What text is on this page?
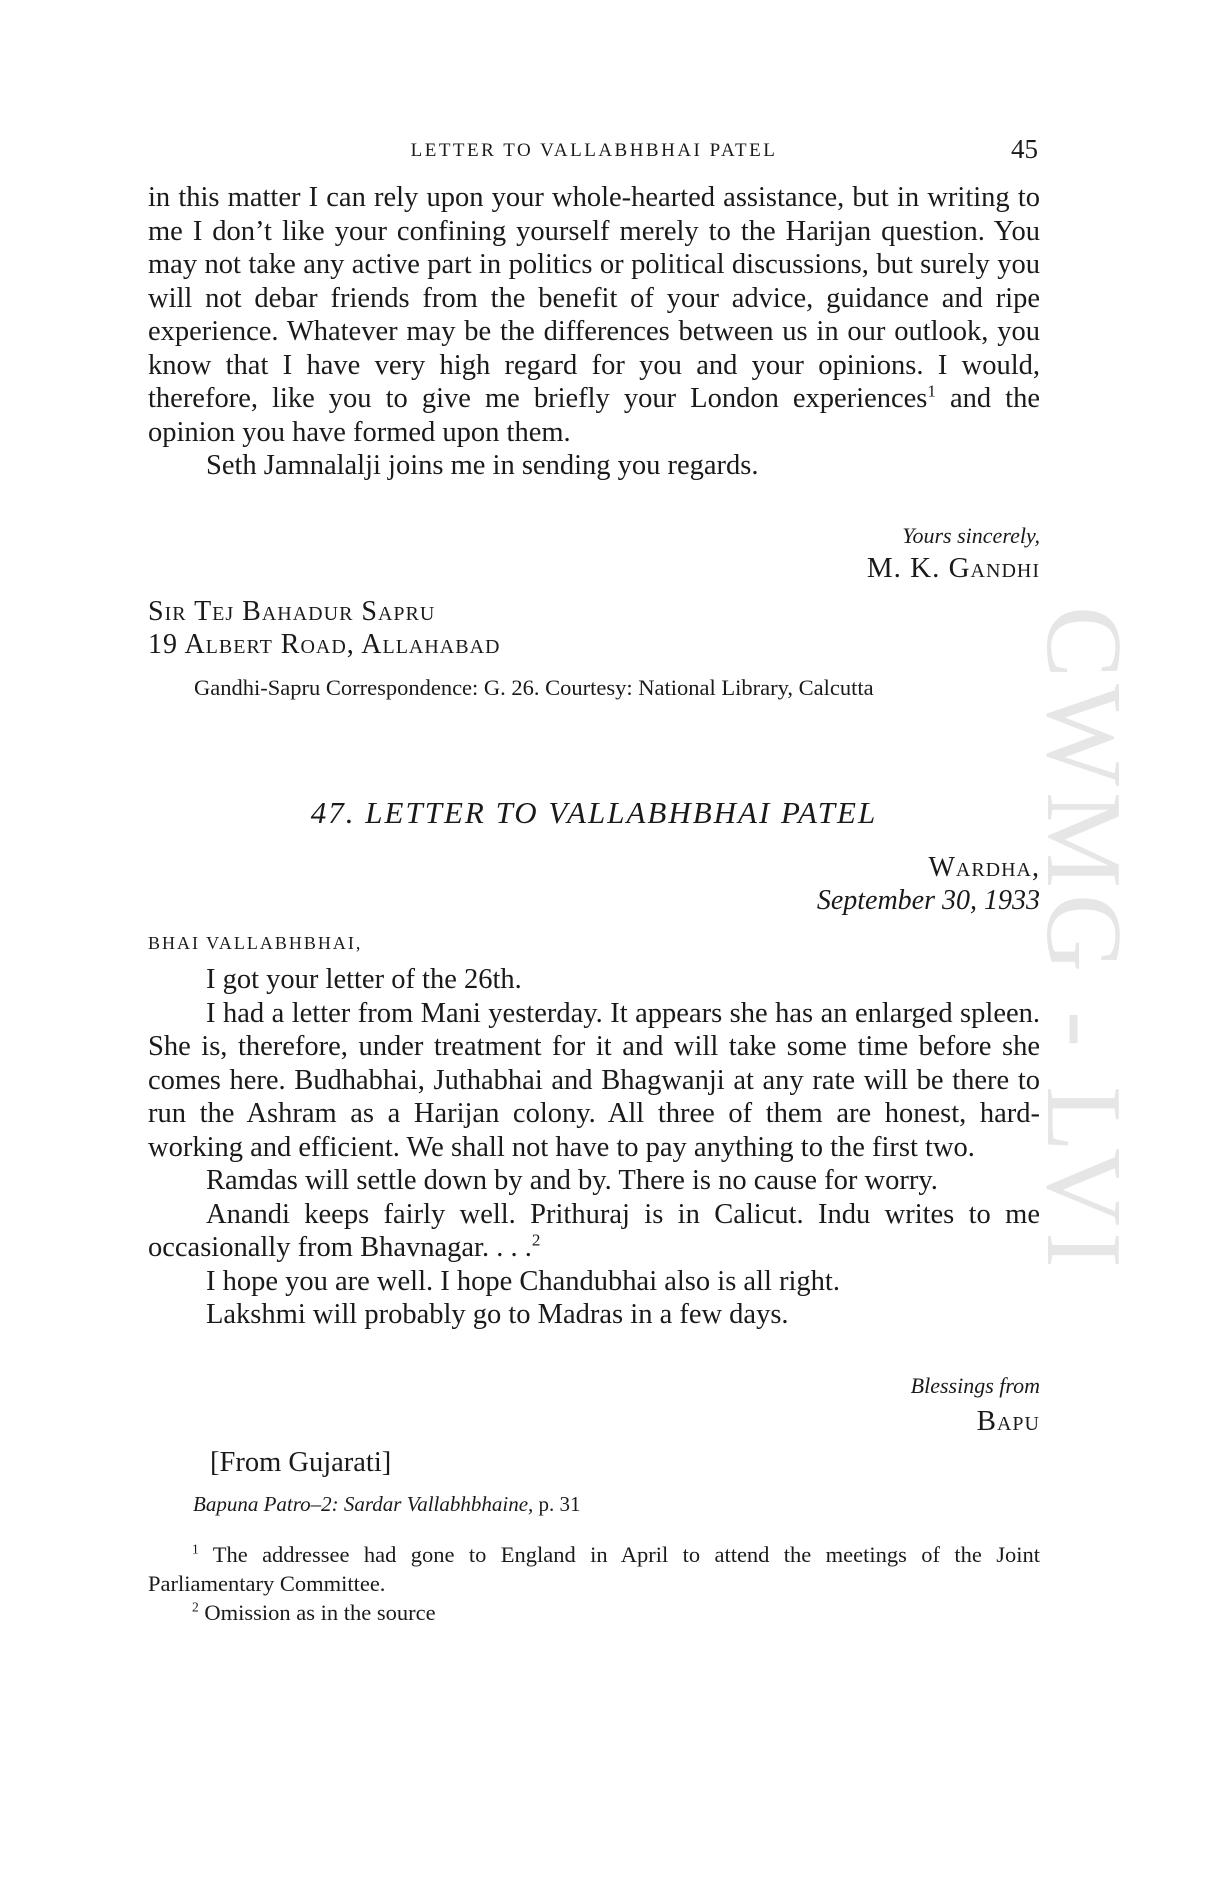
CWMG - LVI
LETTER TO VALLABHBHAI PATEL	45

in this matter I can rely upon your whole-hearted assistance, but in writing to me I don’t like your confining yourself merely to the Harijan question. You may not take any active part in politics or political discussions, but surely you will not debar friends from the benefit of your advice, guidance and ripe experience. Whatever may be the differences between us in our outlook, you know that I have very high regard for you and your opinions. I would, therefore, like you to give me briefly your London experiences$^1$ and the opinion you have formed upon them.

Seth Jamnalalji joins me in sending you regards.

Yours sincerely,
M. K. Gandhi
Sir Tej Bahadur Sapru
19 Albert Road, Allahabad

Gandhi-Sapru Correspondence: G. 26. Courtesy: National Library, Calcutta

47. LETTER TO VALLABHBHAI PATEL
Wardha,
September 30, 1933
BHAI VALLABHBHAI,

I got your letter of the 26th.

I had a letter from Mani yesterday. It appears she has an enlarged spleen. She is, therefore, under treatment for it and will take some time before she comes here. Budhabhai, Juthabhai and Bhagwanji at any rate will be there to run the Ashram as a Harijan colony. All three of them are honest, hard-working and efficient. We shall not have to pay anything to the first two.

Ramdas will settle down by and by. There is no cause for worry.

Anandi keeps fairly well. Prithuraj is in Calicut. Indu writes to me occasionally from Bhavnagar. . . .$^2$

I hope you are well. I hope Chandubhai also is all right.

Lakshmi will probably go to Madras in a few days.

Blessings from
Bapu
[From Gujarati]
Bapuna Patro–2: Sardar Vallabhbhaine, p. 31

$^1$ The addressee had gone to England in April to attend the meetings of the Joint Parliamentary Committee.

$^2$ Omission as in the source
